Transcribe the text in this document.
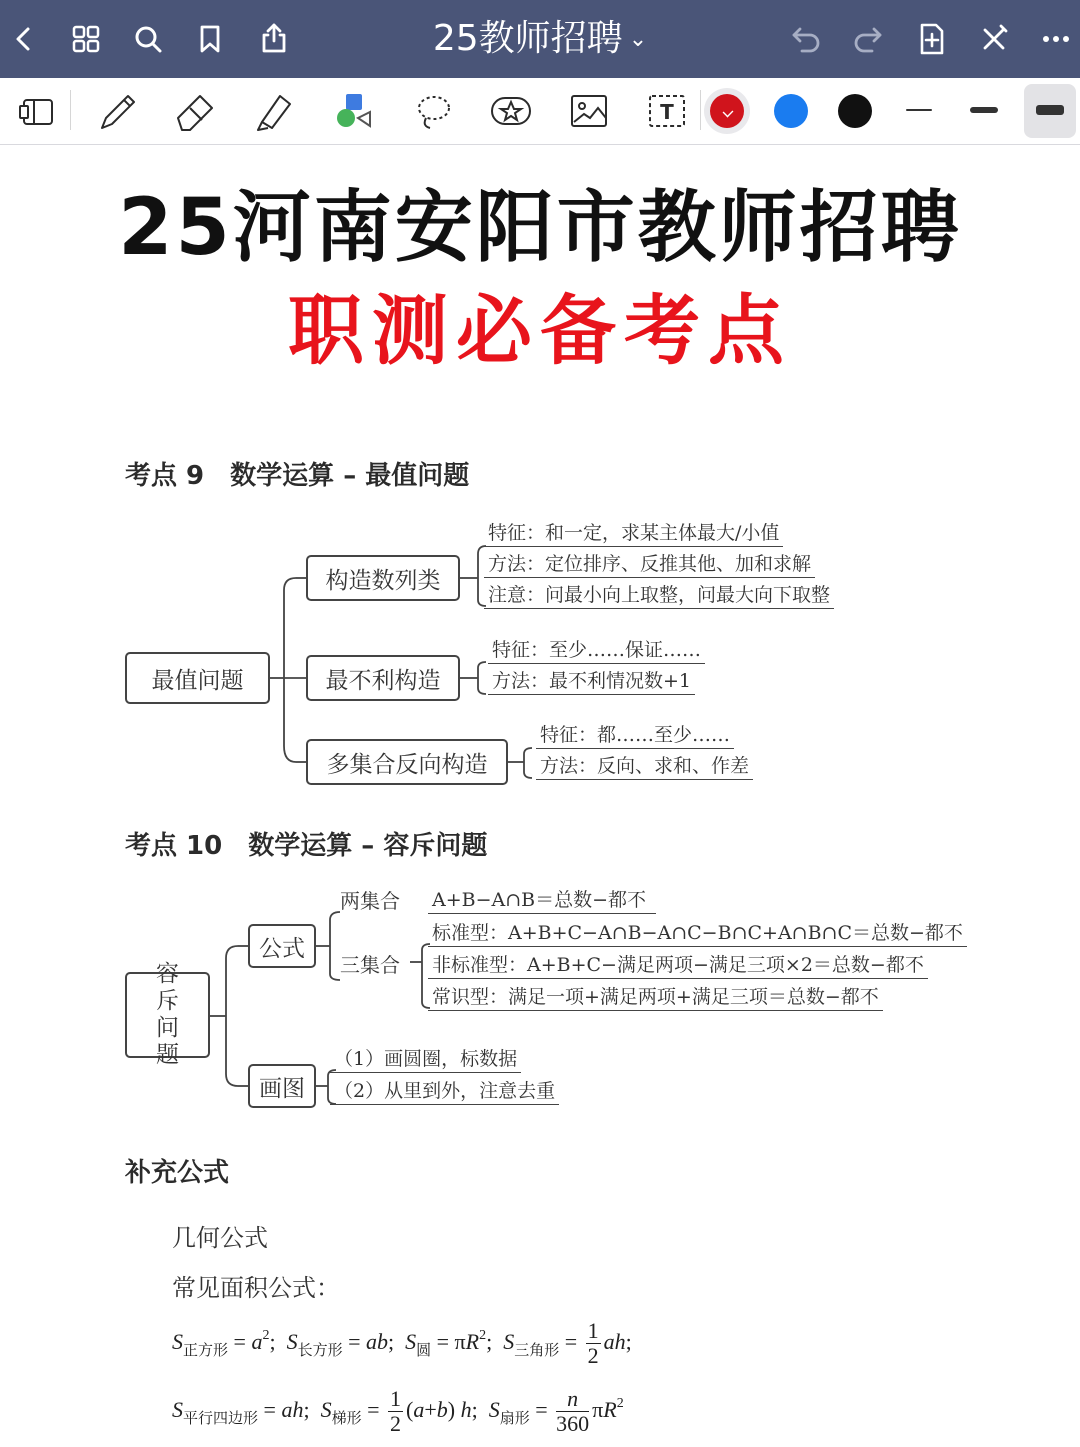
25教师招聘 ⌄
T
25河南安阳市教师招聘
职测必备考点
考点 9　数学运算 – 最值问题
最值问题
构造数列类
最不利构造
多集合反向构造
特征：和一定，求某主体最大/小值
方法：定位排序、反推其他、加和求解
注意：问最小向上取整，问最大向下取整
特征：至少……保证……
方法：最不利情况数+1
特征：都……至少……
方法：反向、求和、作差
考点 10　数学运算 – 容斥问题
容斥问题
公式
画图
两集合 A+B−A∩B＝总数−都不
三集合
标准型：A+B+C−A∩B−A∩C−B∩C+A∩B∩C＝总数−都不
非标准型：A+B+C−满足两项−满足三项×2＝总数−都不
常识型：满足一项+满足两项+满足三项＝总数−都不
（1）画圆圈，标数据
（2）从里到外，注意去重
补充公式
几何公式
常见面积公式：
$S_{正方形} = a^2$; $S_{长方形}$ = ab; $S_圆 = \pi R^2$; $S_{三角形} = \frac{1}{2}$ ah;
$S_{平行四边形}$ = ah; $S_{梯形} = \frac{1}{2} (a+b)$ h; $S_{扇形} = \frac{n}{360} \pi R^2$
